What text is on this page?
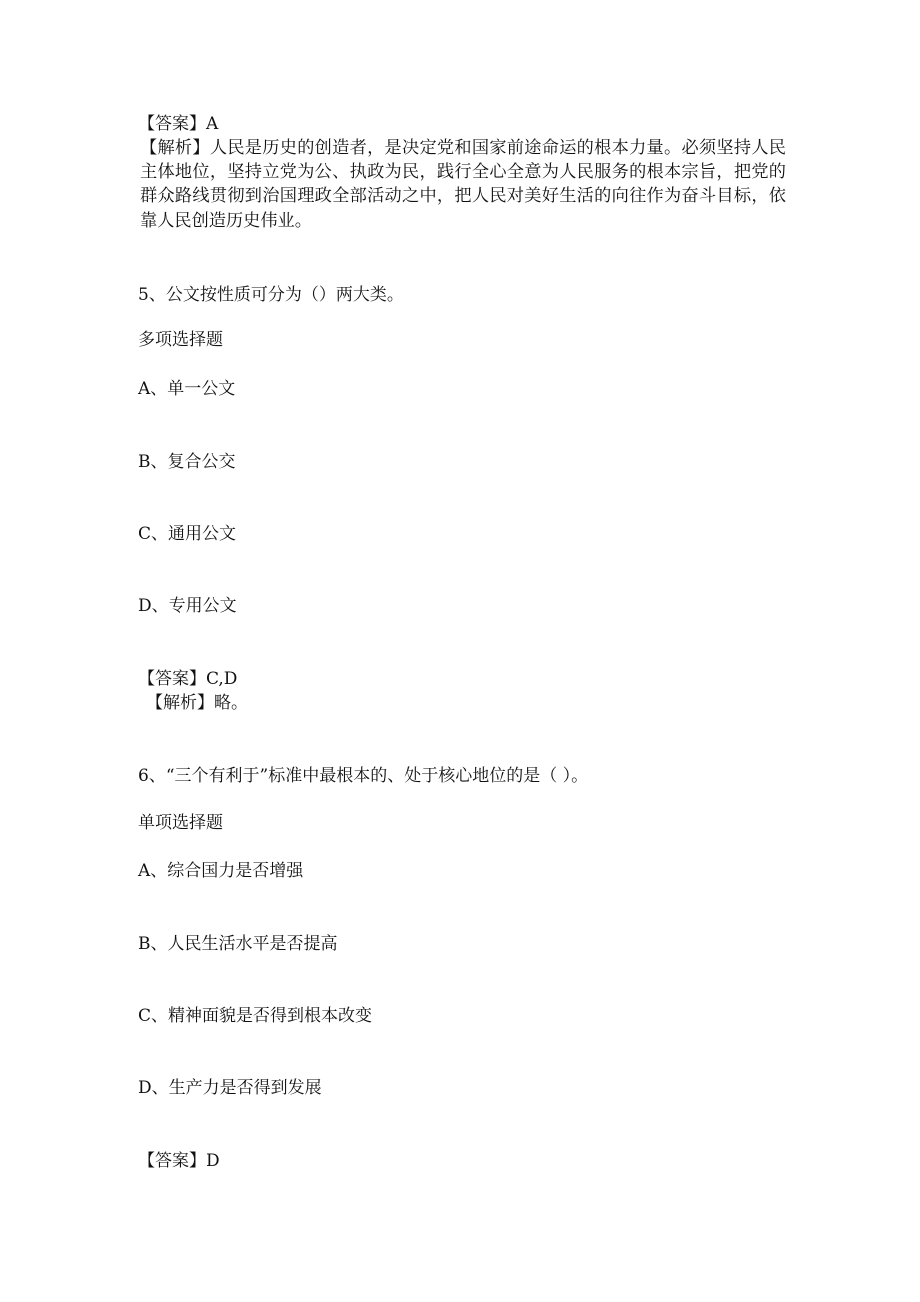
【答案】A

【解析】人民是历史的创造者，是决定党和国家前途命运的根本力量。必须坚持人民主体地位，坚持立党为公、执政为民，践行全心全意为人民服务的根本宗旨，把党的群众路线贯彻到治国理政全部活动之中，把人民对美好生活的向往作为奋斗目标，依靠人民创造历史伟业。

5、公文按性质可分为（）两大类。

多项选择题

A、单一公文

B、复合公交

C、通用公文

D、专用公文

【答案】C,D

【解析】略。

6、“三个有利于”标准中最根本的、处于核心地位的是（ ）。

单项选择题

A、综合国力是否增强

B、人民生活水平是否提高

C、精神面貌是否得到根本改变

D、生产力是否得到发展

【答案】D
